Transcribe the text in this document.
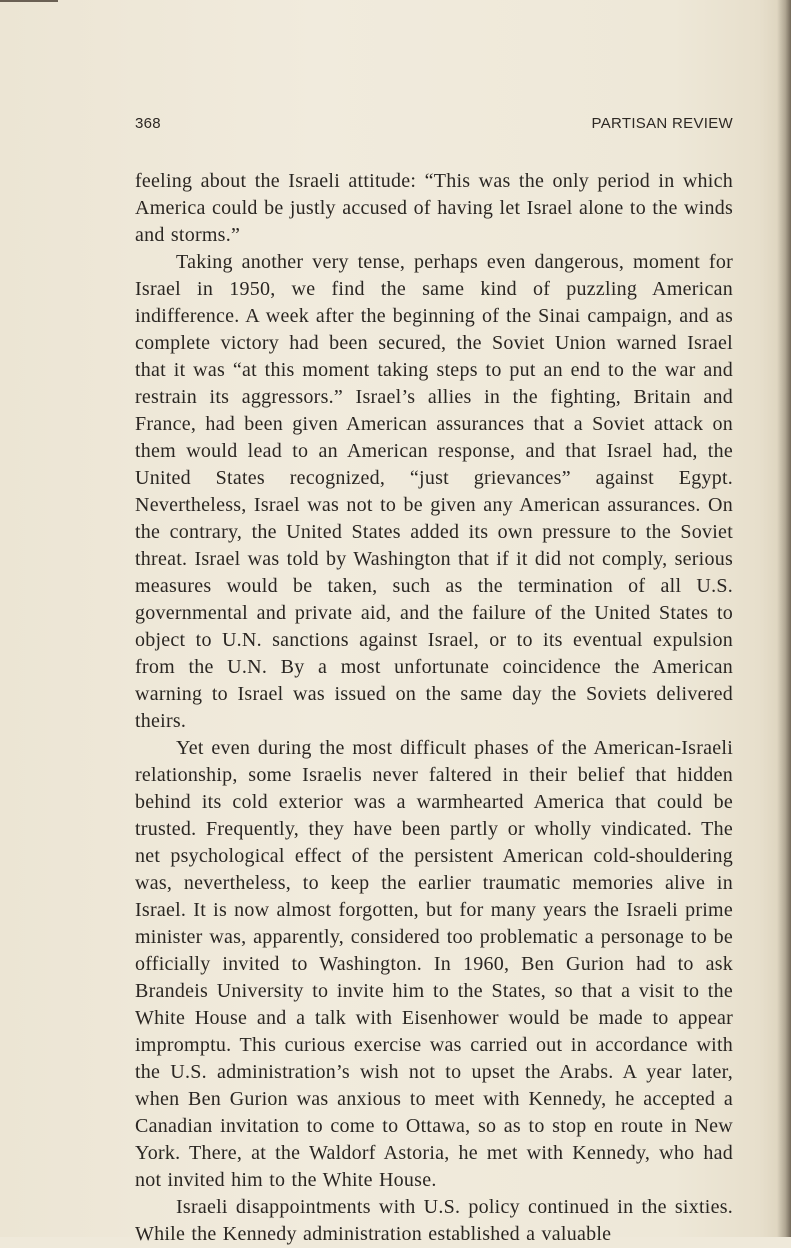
368	PARTISAN REVIEW

feeling about the Israeli attitude: “This was the only period in which America could be justly accused of having let Israel alone to the winds and storms.”

Taking another very tense, perhaps even dangerous, moment for Israel in 1950, we find the same kind of puzzling American indifference. A week after the beginning of the Sinai campaign, and as complete victory had been secured, the Soviet Union warned Israel that it was “at this moment taking steps to put an end to the war and restrain its aggressors.” Israel’s allies in the fighting, Britain and France, had been given American assurances that a Soviet attack on them would lead to an American response, and that Israel had, the United States recognized, “just grievances” against Egypt. Nevertheless, Israel was not to be given any American assurances. On the contrary, the United States added its own pressure to the Soviet threat. Israel was told by Washington that if it did not comply, serious measures would be taken, such as the termination of all U.S. governmental and private aid, and the failure of the United States to object to U.N. sanctions against Israel, or to its eventual expulsion from the U.N. By a most unfortunate coincidence the American warning to Israel was issued on the same day the Soviets delivered theirs.

Yet even during the most difficult phases of the American-Israeli relationship, some Israelis never faltered in their belief that hidden behind its cold exterior was a warmhearted America that could be trusted. Frequently, they have been partly or wholly vindicated. The net psychological effect of the persistent American cold-shouldering was, nevertheless, to keep the earlier traumatic memories alive in Israel. It is now almost forgotten, but for many years the Israeli prime minister was, apparently, considered too problematic a personage to be officially invited to Washington. In 1960, Ben Gurion had to ask Brandeis University to invite him to the States, so that a visit to the White House and a talk with Eisenhower would be made to appear impromptu. This curious exercise was carried out in accordance with the U.S. administration’s wish not to upset the Arabs. A year later, when Ben Gurion was anxious to meet with Kennedy, he accepted a Canadian invitation to come to Ottawa, so as to stop en route in New York. There, at the Waldorf Astoria, he met with Kennedy, who had not invited him to the White House.

Israeli disappointments with U.S. policy continued in the sixties. While the Kennedy administration established a valuable
